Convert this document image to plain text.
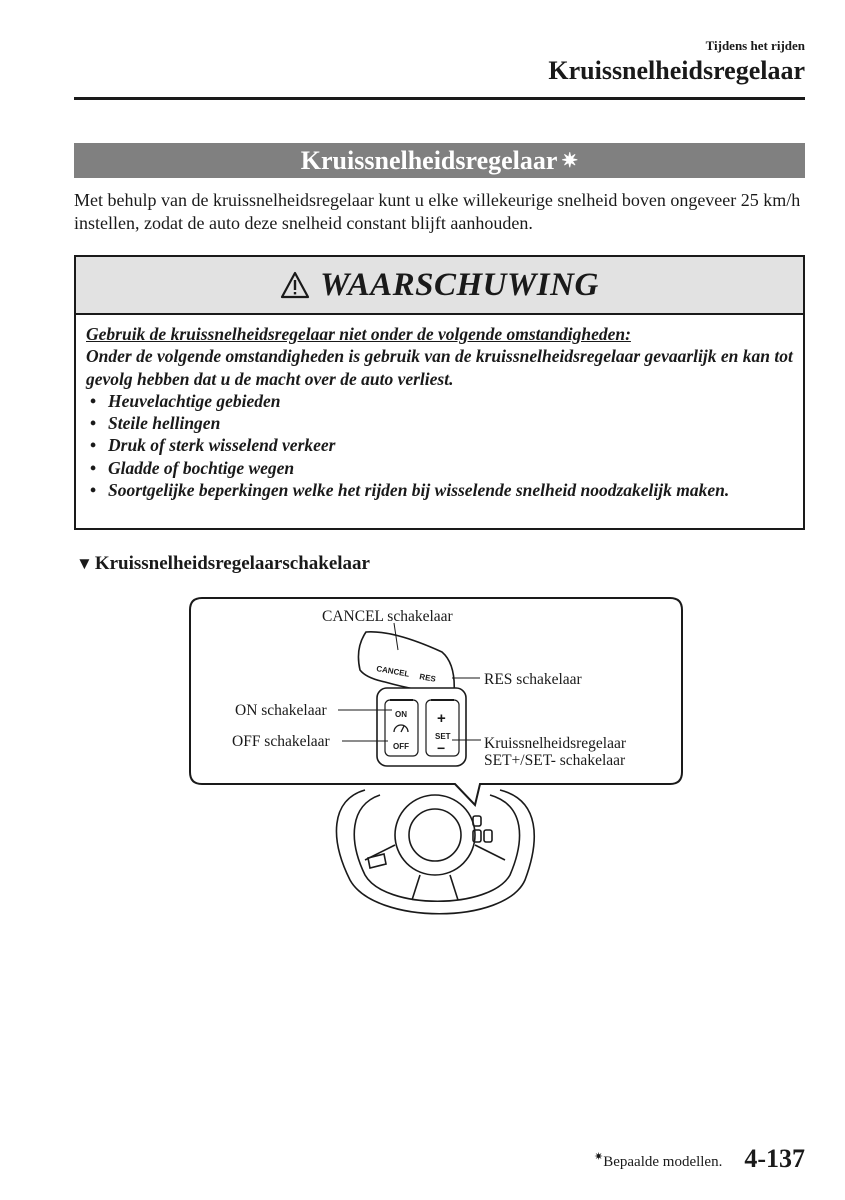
Tijdens het rijden
Kruissnelheidsregelaar
Kruissnelheidsregelaar ✷
Met behulp van de kruissnelheidsregelaar kunt u elke willekeurige snelheid boven ongeveer 25 km/h instellen, zodat de auto deze snelheid constant blijft aanhouden.
WAARSCHUWING
Gebruik de kruissnelheidsregelaar niet onder de volgende omstandigheden:
Onder de volgende omstandigheden is gebruik van de kruissnelheidsregelaar gevaarlijk en kan tot gevolg hebben dat u de macht over de auto verliest.
• Heuvelachtige gebieden
• Steile hellingen
• Druk of sterk wisselend verkeer
• Gladde of bochtige wegen
• Soortgelijke beperkingen welke het rijden bij wisselende snelheid noodzakelijk maken.
▼ Kruissnelheidsregelaarschakelaar
CANCEL RES
ON
OFF
+
SET
−
CANCEL schakelaar
RES schakelaar
ON schakelaar
OFF schakelaar	Kruissnelheidsregelaar
SET+/SET- schakelaar
✷Bepaalde modellen. 4-137
